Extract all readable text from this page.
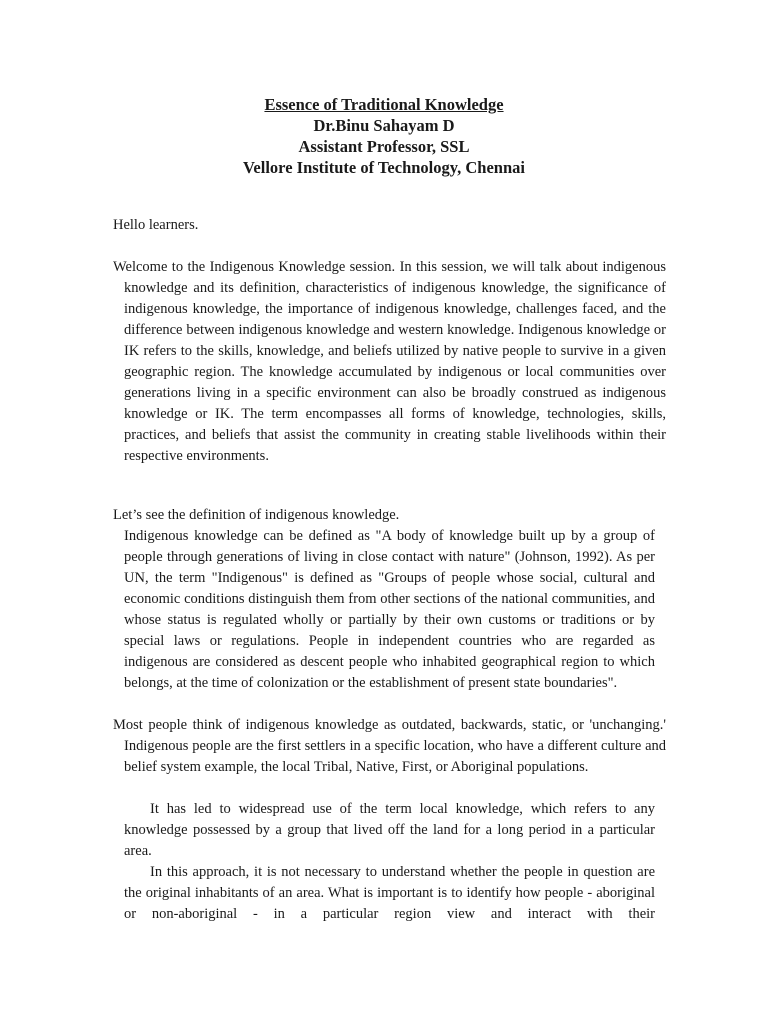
Essence of Traditional Knowledge
Dr.Binu Sahayam D
Assistant Professor, SSL
Vellore Institute of Technology, Chennai
Hello learners.
Welcome to the Indigenous Knowledge session. In this session, we will talk about indigenous knowledge and its definition, characteristics of indigenous knowledge, the significance of indigenous knowledge, the importance of indigenous knowledge, challenges faced, and the difference between indigenous knowledge and western knowledge. Indigenous knowledge or IK refers to the skills, knowledge, and beliefs utilized by native people to survive in a given geographic region. The knowledge accumulated by indigenous or local communities over generations living in a specific environment can also be broadly construed as indigenous knowledge or IK. The term encompasses all forms of knowledge, technologies, skills, practices, and beliefs that assist the community in creating stable livelihoods within their respective environments.
Let’s see the definition of indigenous knowledge.
Indigenous knowledge can be defined as "A body of knowledge built up by a group of people through generations of living in close contact with nature" (Johnson, 1992). As per UN, the term "Indigenous" is defined as "Groups of people whose social, cultural and economic conditions distinguish them from other sections of the national communities, and whose status is regulated wholly or partially by their own customs or traditions or by special laws or regulations. People in independent countries who are regarded as indigenous are considered as descent people who inhabited geographical region to which belongs, at the time of colonization or the establishment of present state boundaries".
Most people think of indigenous knowledge as outdated, backwards, static, or 'unchanging.' Indigenous people are the first settlers in a specific location, who have a different culture and belief system example, the local Tribal, Native, First, or Aboriginal populations.
It has led to widespread use of the term local knowledge, which refers to any knowledge possessed by a group that lived off the land for a long period in a particular area.
In this approach, it is not necessary to understand whether the people in question are the original inhabitants of an area. What is important is to identify how people - aboriginal or non-aboriginal - in a particular region view and interact with their
